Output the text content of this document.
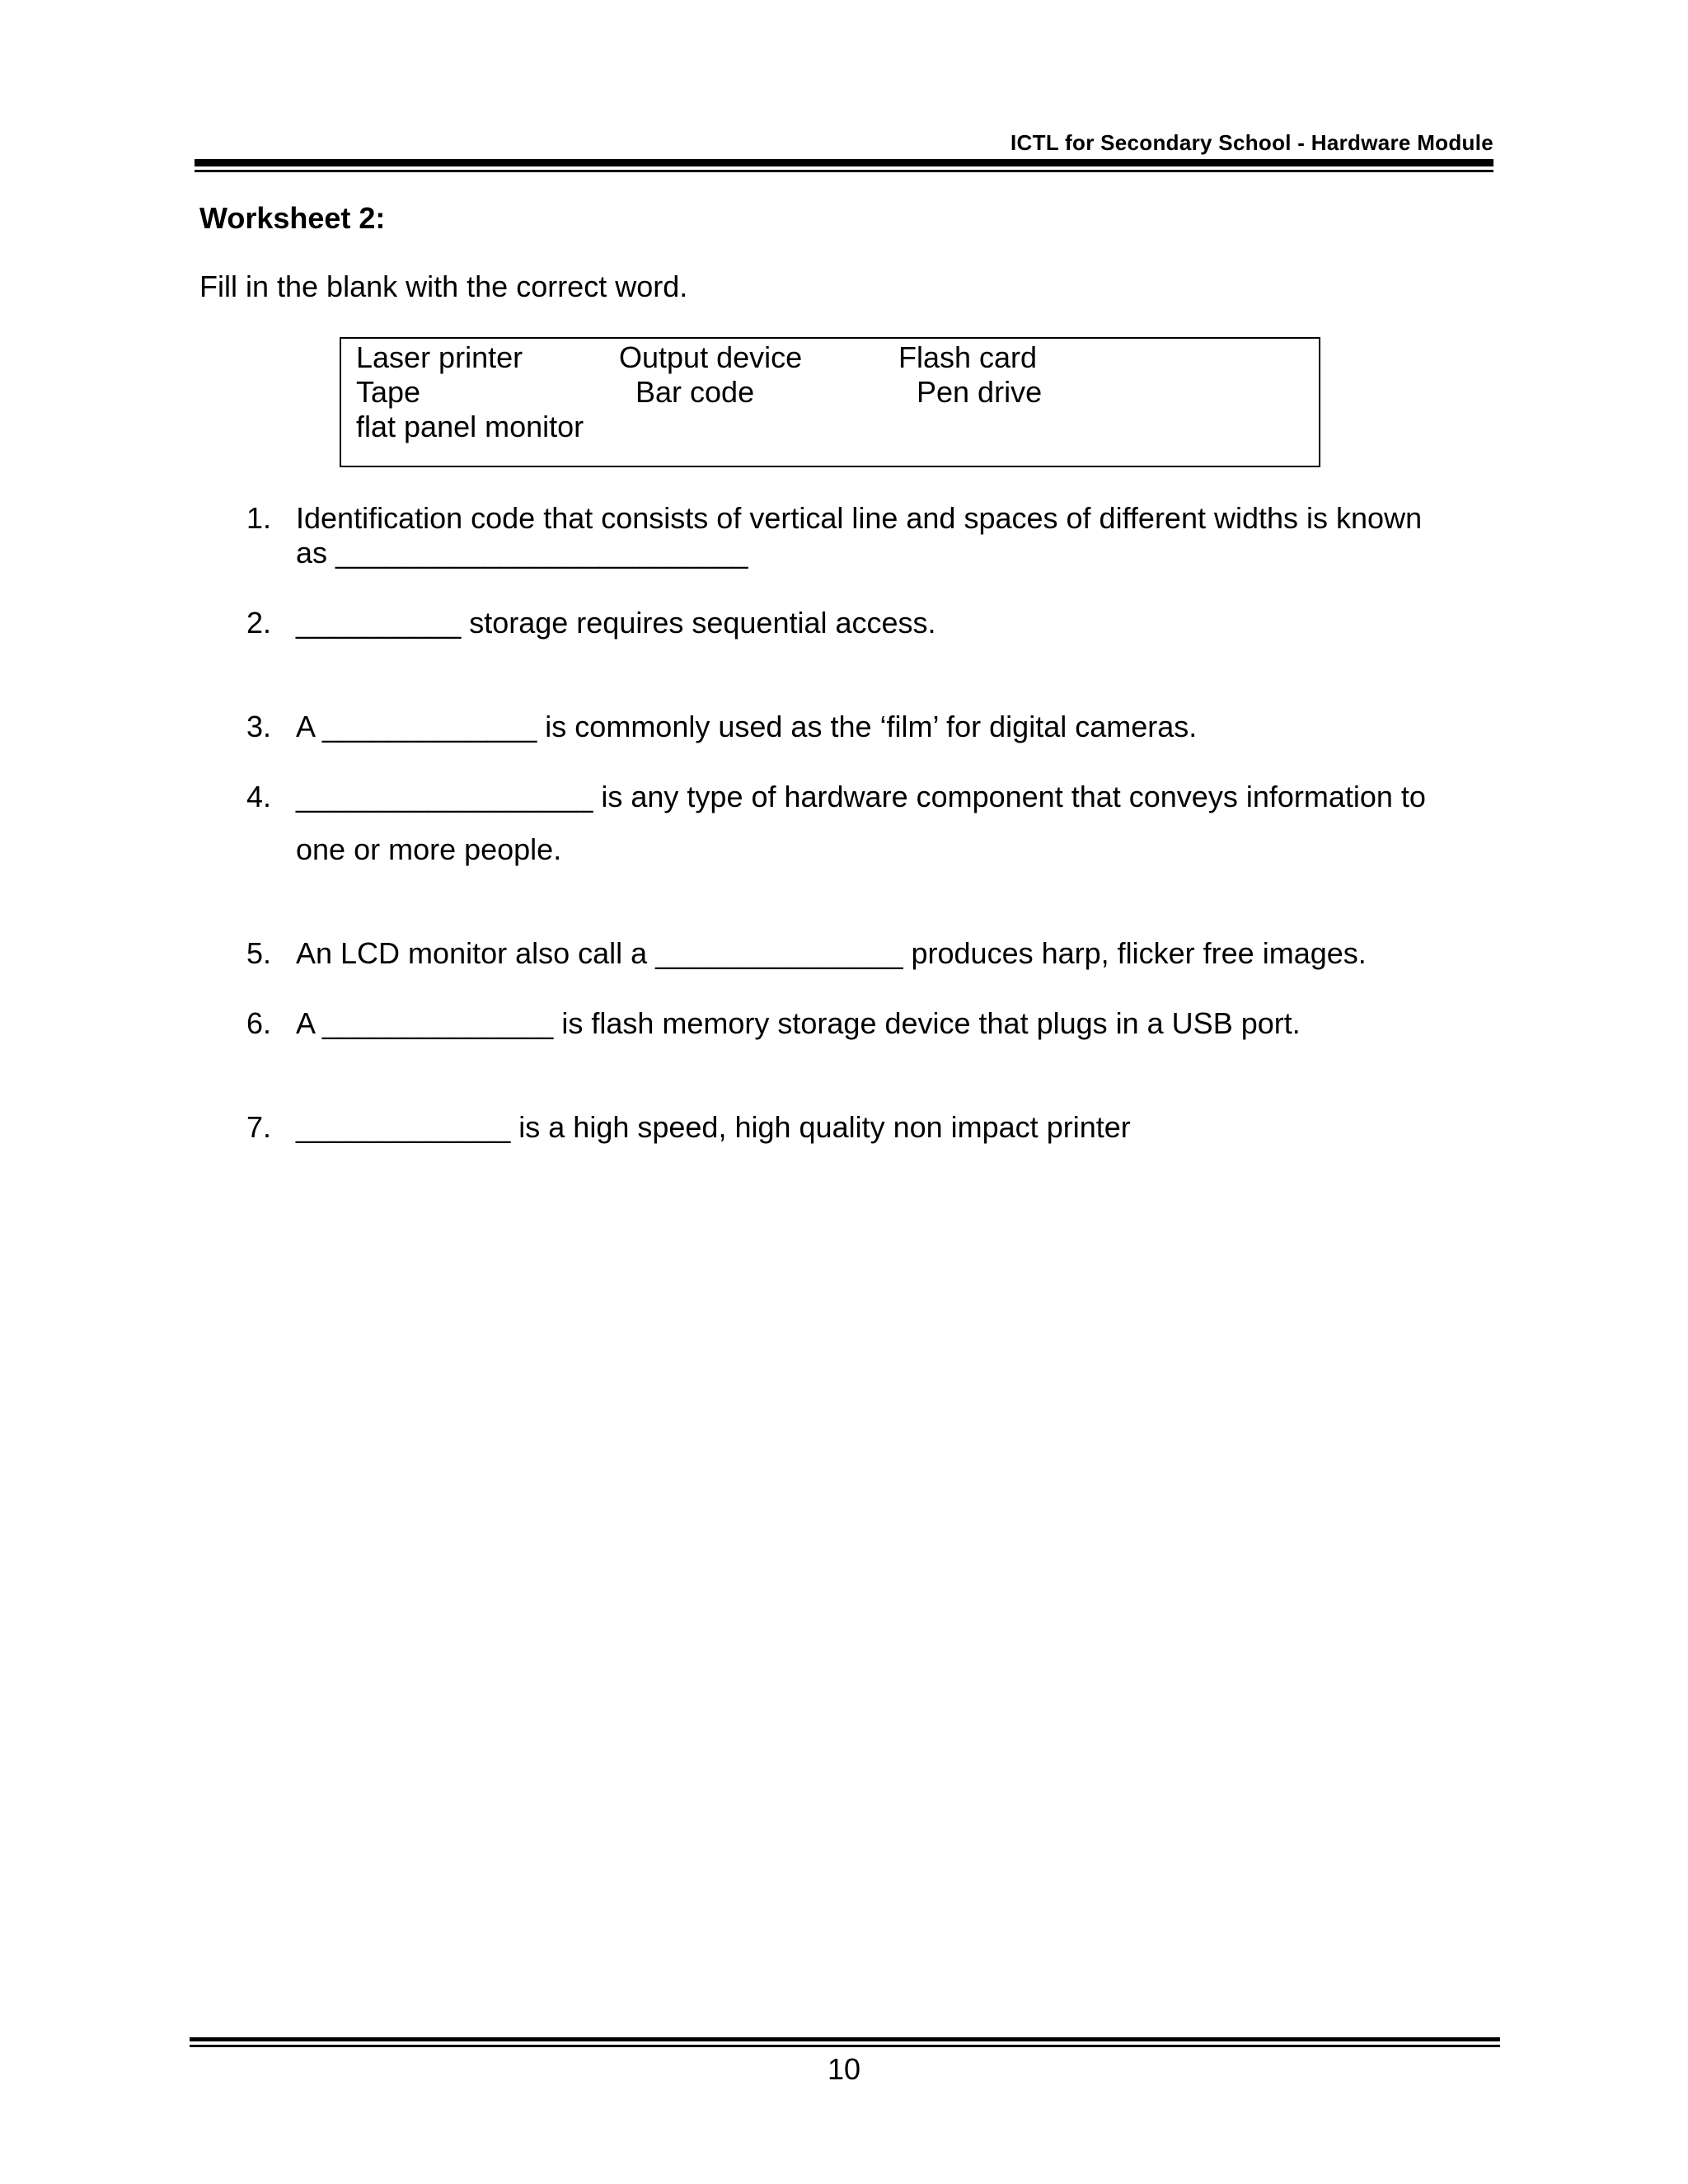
ICTL for Secondary School - Hardware Module
Worksheet 2:
Fill in the blank with the correct word.
Laser printer	Output device	Flash card
Tape	Bar code	Pen drive
flat panel monitor
1. Identification code that consists of vertical line and spaces of different widths is known
as _________________________
2. __________ storage requires sequential access.
3. A _____________ is commonly used as the ‘film’ for digital cameras.
4. __________________ is any type of hardware component that conveys information to
one or more people.
5. An LCD monitor also call a _______________ produces harp, flicker free images.
6. A ______________ is flash memory storage device that plugs in a USB port.
7. _____________ is a high speed, high quality non impact printer
10
